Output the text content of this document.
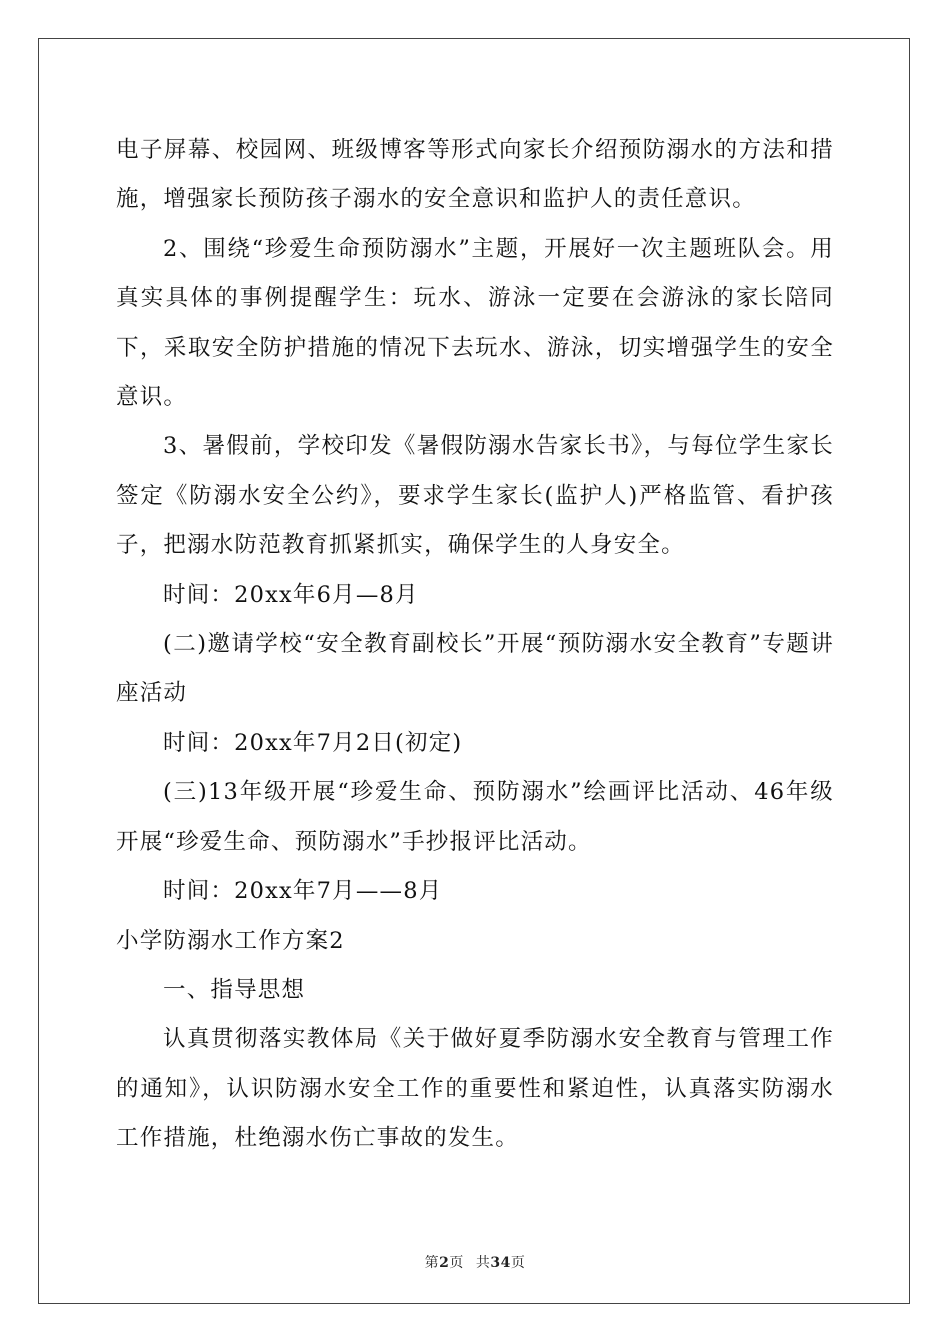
电子屏幕、校园网、班级博客等形式向家长介绍预防溺水的方法和措施，增强家长预防孩子溺水的安全意识和监护人的责任意识。

2、围绕“珍爱生命预防溺水”主题，开展好一次主题班队会。用真实具体的事例提醒学生：玩水、游泳一定要在会游泳的家长陪同下，采取安全防护措施的情况下去玩水、游泳，切实增强学生的安全意识。

3、暑假前，学校印发《暑假防溺水告家长书》，与每位学生家长签定《防溺水安全公约》，要求学生家长(监护人)严格监管、看护孩子，把溺水防范教育抓紧抓实，确保学生的人身安全。

时间：20xx年6月—8月

(二)邀请学校“安全教育副校长”开展“预防溺水安全教育”专题讲座活动

时间：20xx年7月2日(初定)

(三)13年级开展“珍爱生命、预防溺水”绘画评比活动、46年级开展“珍爱生命、预防溺水”手抄报评比活动。

时间：20xx年7月——8月

小学防溺水工作方案2

一、指导思想

认真贯彻落实教体局《关于做好夏季防溺水安全教育与管理工作的通知》，认识防溺水安全工作的重要性和紧迫性，认真落实防溺水工作措施，杜绝溺水伤亡事故的发生。

第2页 共34页
